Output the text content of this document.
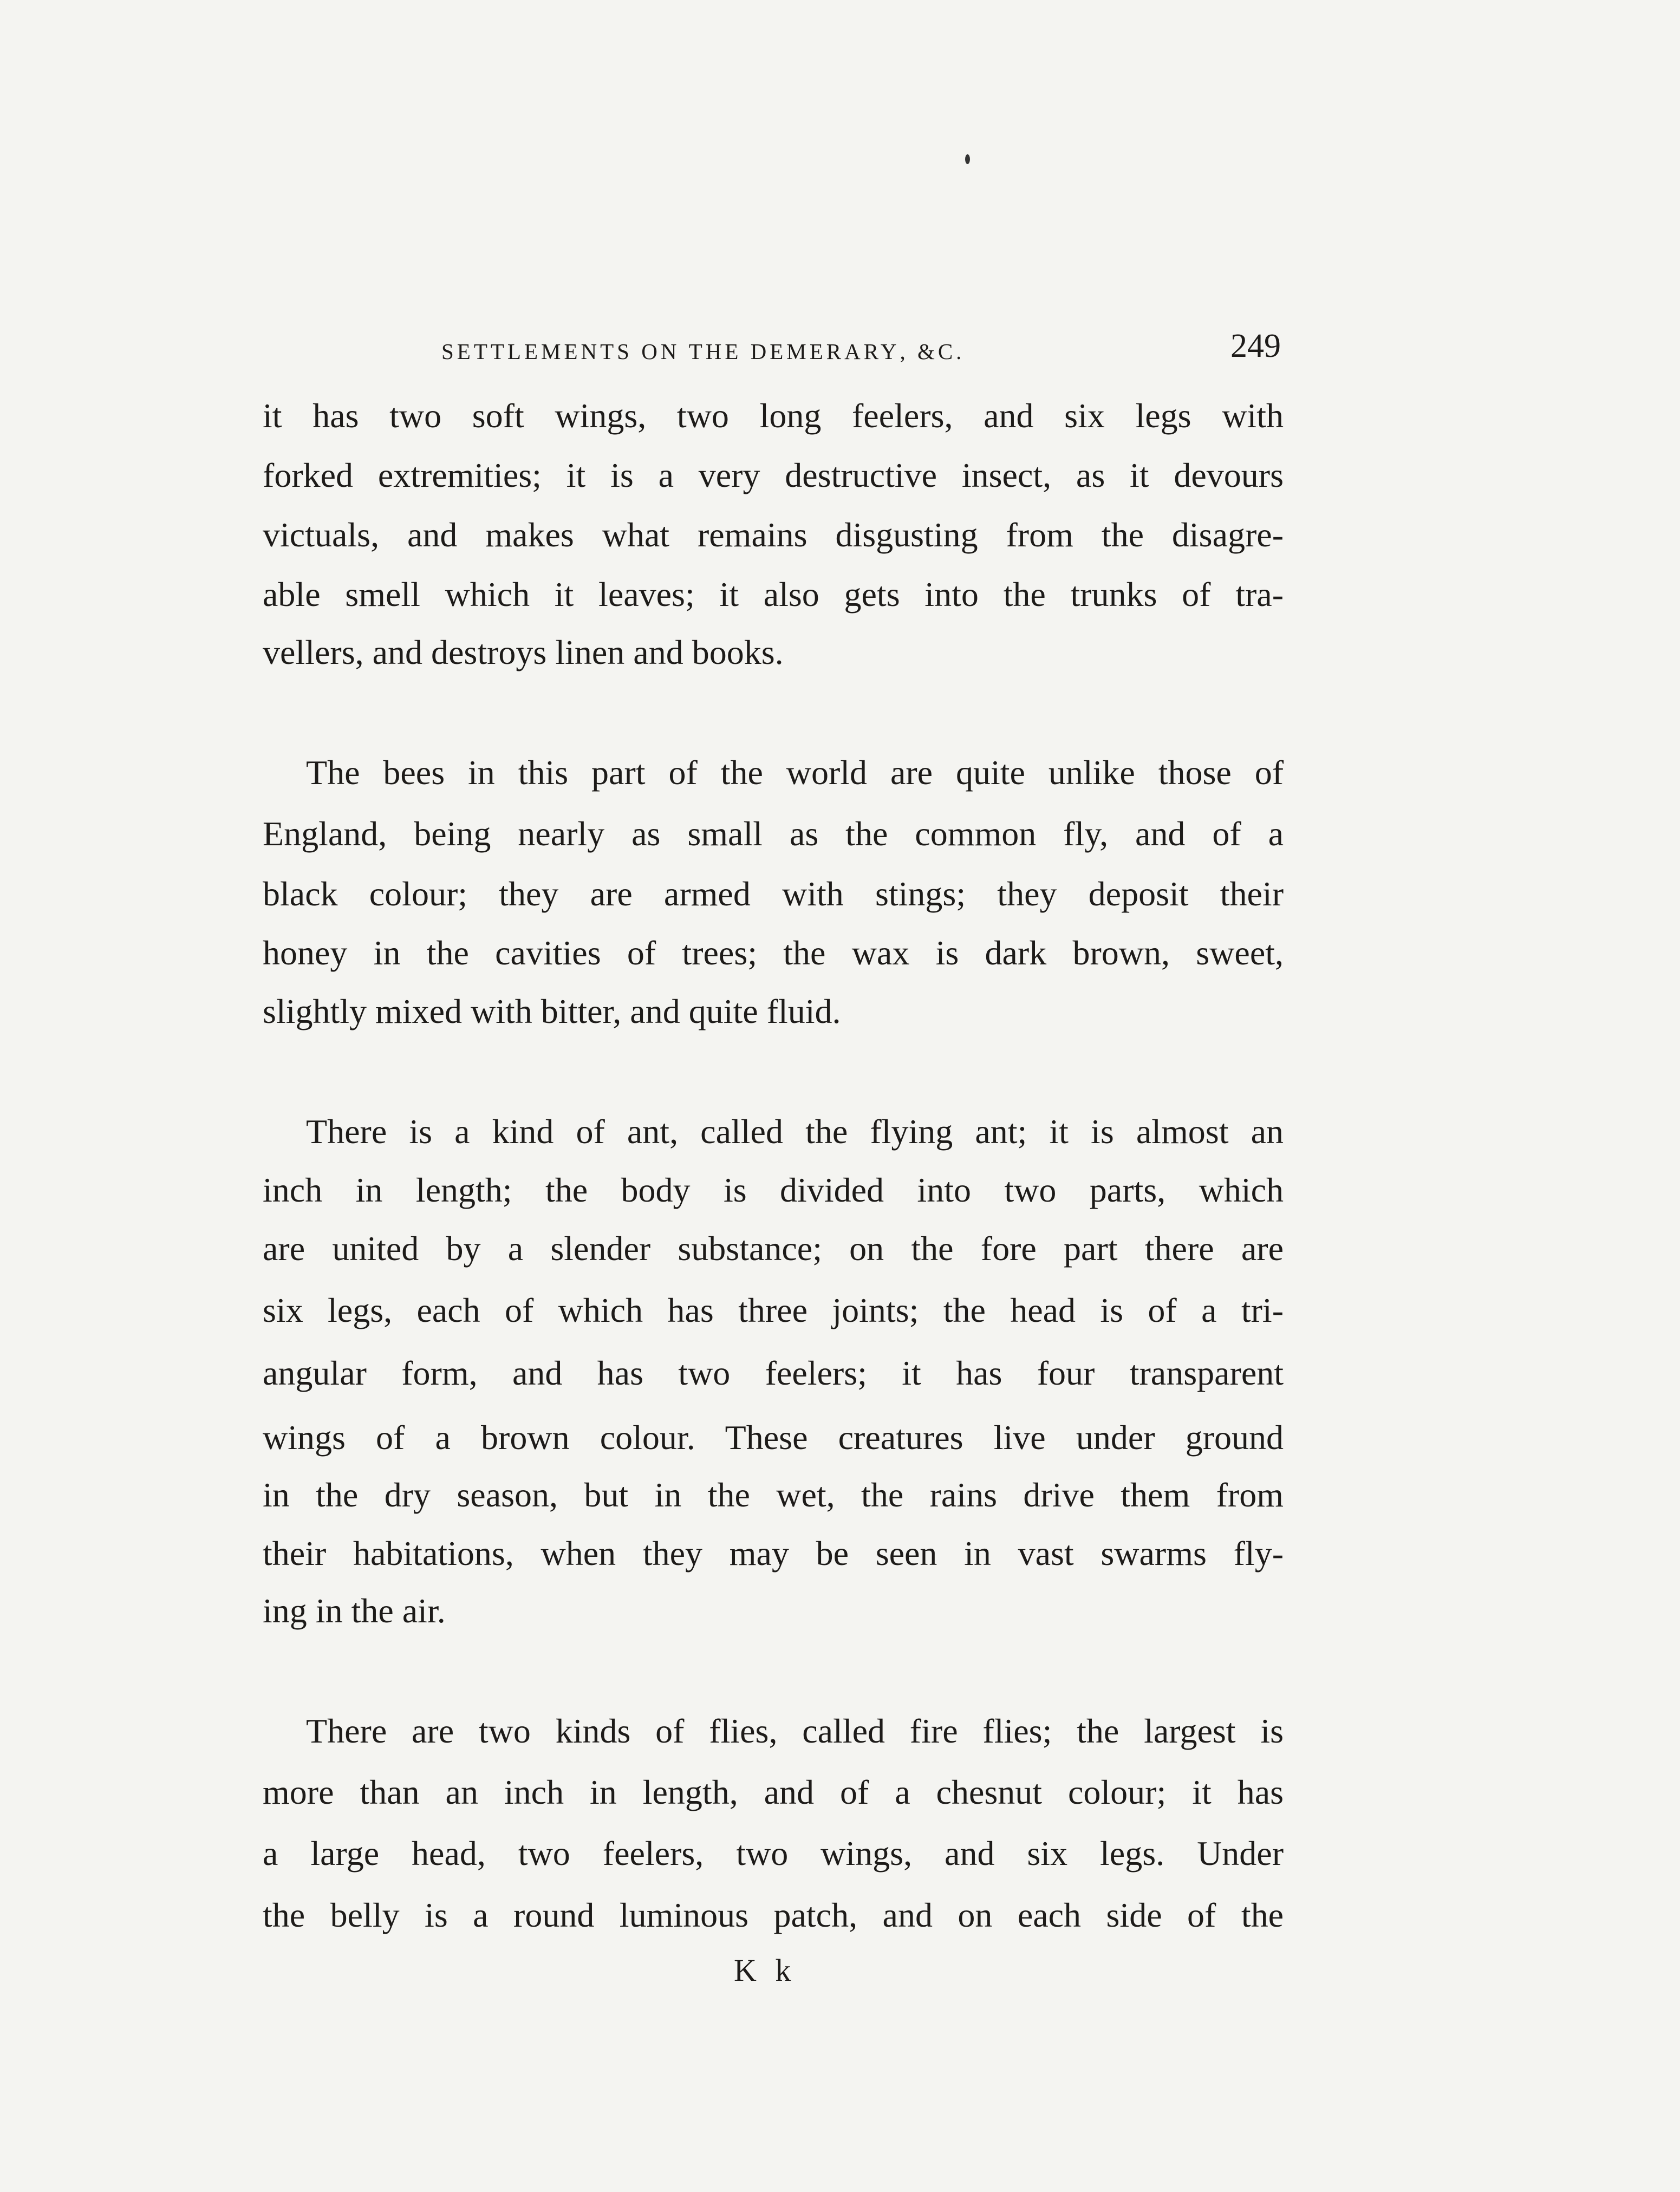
settlements on the demerary, &c.	249
it has two soft wings, two long feelers, and six legs with
forked extremities; it is a very destructive insect, as it devours
victuals, and makes what remains disgusting from the disagre-
able smell which it leaves; it also gets into the trunks of tra-
vellers, and destroys linen and books.
The bees in this part of the world are quite unlike those of
England, being nearly as small as the common fly, and of a
black colour; they are armed with stings; they deposit their
honey in the cavities of trees; the wax is dark brown, sweet,
slightly mixed with bitter, and quite fluid.
There is a kind of ant, called the flying ant; it is almost an
inch in length; the body is divided into two parts, which
are united by a slender substance; on the fore part there are
six legs, each of which has three joints; the head is of a tri-
angular form, and has two feelers; it has four transparent
wings of a brown colour. These creatures live under ground
in the dry season, but in the wet, the rains drive them from
their habitations, when they may be seen in vast swarms fly-
ing in the air.
There are two kinds of flies, called fire flies; the largest is
more than an inch in length, and of a chesnut colour; it has
a large head, two feelers, two wings, and six legs. Under
the belly is a round luminous patch, and on each side of the
K k
